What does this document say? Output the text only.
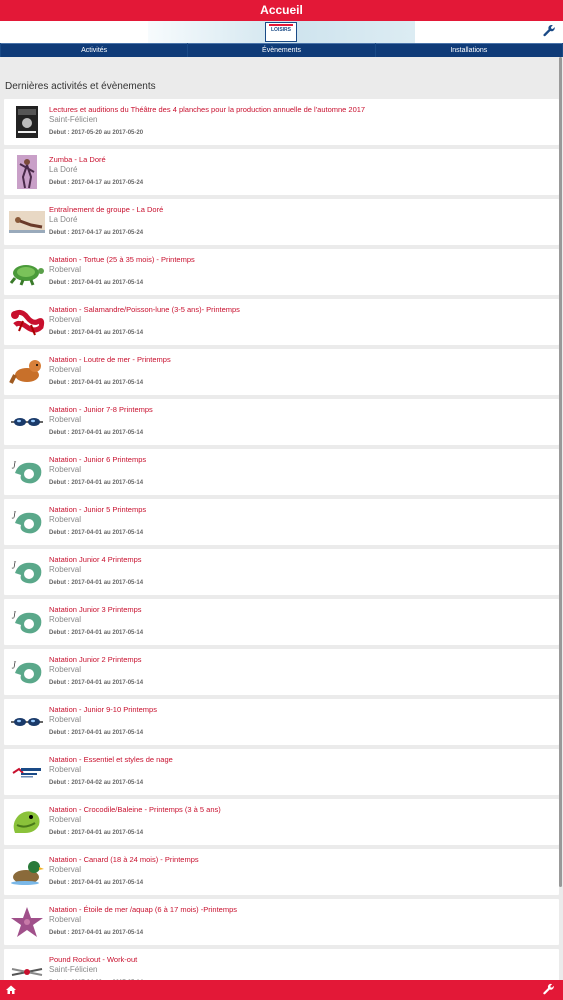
Accueil
LOISIRS
Activités	Évènements	Installations
Dernières activités et évènements
Lectures et auditions du Théâtre des 4 planches pour la production annuelle de l'automne 2017
Saint-Félicien
Debut : 2017-05-20 au 2017-05-20
Zumba - La Doré
La Doré
Debut : 2017-04-17 au 2017-05-24
Entraînement de groupe - La Doré
La Doré
Debut : 2017-04-17 au 2017-05-24
Natation - Tortue (25 à 35 mois) - Printemps
Roberval
Debut : 2017-04-01 au 2017-05-14
Natation - Salamandre/Poisson-lune (3-5 ans)- Printemps
Roberval
Debut : 2017-04-01 au 2017-05-14
Natation - Loutre de mer - Printemps
Roberval
Debut : 2017-04-01 au 2017-05-14
Natation - Junior 7-8 Printemps
Roberval
Debut : 2017-04-01 au 2017-05-14
J
Natation - Junior 6 Printemps
Roberval
Debut : 2017-04-01 au 2017-05-14
J
Natation - Junior 5 Printemps
Roberval
Debut : 2017-04-01 au 2017-05-14
J
Natation Junior 4 Printemps
Roberval
Debut : 2017-04-01 au 2017-05-14
J
Natation Junior 3 Printemps
Roberval
Debut : 2017-04-01 au 2017-05-14
J
Natation Junior 2 Printemps
Roberval
Debut : 2017-04-01 au 2017-05-14
Natation - Junior 9-10 Printemps
Roberval
Debut : 2017-04-01 au 2017-05-14
Natation - Essentiel et styles de nage
Roberval
Debut : 2017-04-02 au 2017-05-14
Natation - Crocodile/Baleine - Printemps (3 à 5 ans)
Roberval
Debut : 2017-04-01 au 2017-05-14
Natation - Canard (18 à 24 mois) - Printemps
Roberval
Debut : 2017-04-01 au 2017-05-14
Natation - Étoile de mer /aquap (6 à 17 mois) -Printemps
Roberval
Debut : 2017-04-01 au 2017-05-14
Pound Rockout - Work-out
Saint-Félicien
